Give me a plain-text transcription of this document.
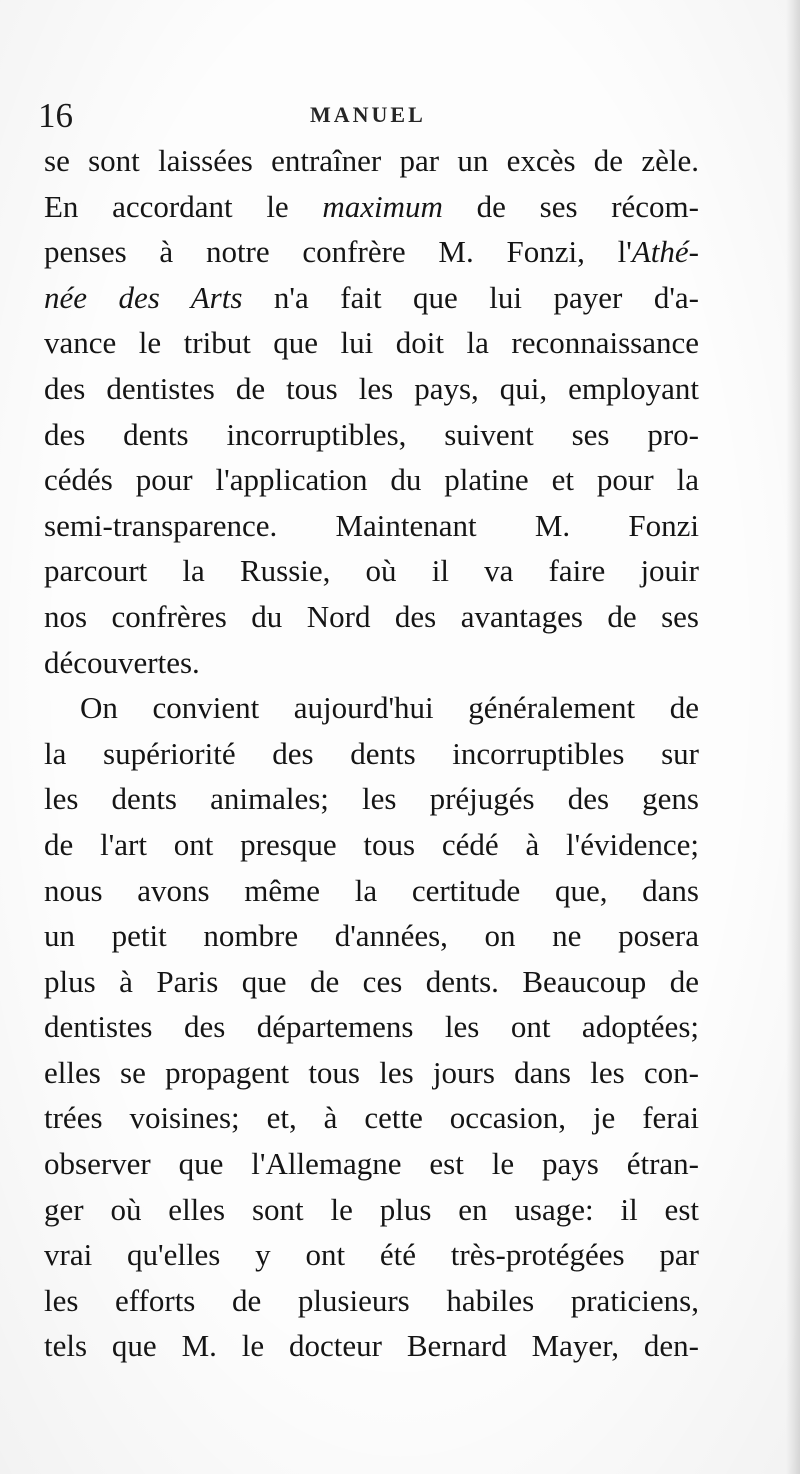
16	MANUEL
se sont laissées entraîner par un excès de zèle.
En accordant le maximum de ses récom-
penses à notre confrère M. Fonzi, l'Athé-
née des Arts n'a fait que lui payer d'a-
vance le tribut que lui doit la reconnaissance
des dentistes de tous les pays, qui, employant
des dents incorruptibles, suivent ses pro-
cédés pour l'application du platine et pour la
semi-transparence. Maintenant M. Fonzi
parcourt la Russie, où il va faire jouir
nos confrères du Nord des avantages de ses
découvertes.
On convient aujourd'hui généralement de
la supériorité des dents incorruptibles sur
les dents animales; les préjugés des gens
de l'art ont presque tous cédé à l'évidence;
nous avons même la certitude que, dans
un petit nombre d'années, on ne posera
plus à Paris que de ces dents. Beaucoup de
dentistes des départemens les ont adoptées;
elles se propagent tous les jours dans les con-
trées voisines; et, à cette occasion, je ferai
observer que l'Allemagne est le pays étran-
ger où elles sont le plus en usage: il est
vrai qu'elles y ont été très-protégées par
les efforts de plusieurs habiles praticiens,
tels que M. le docteur Bernard Mayer, den-
